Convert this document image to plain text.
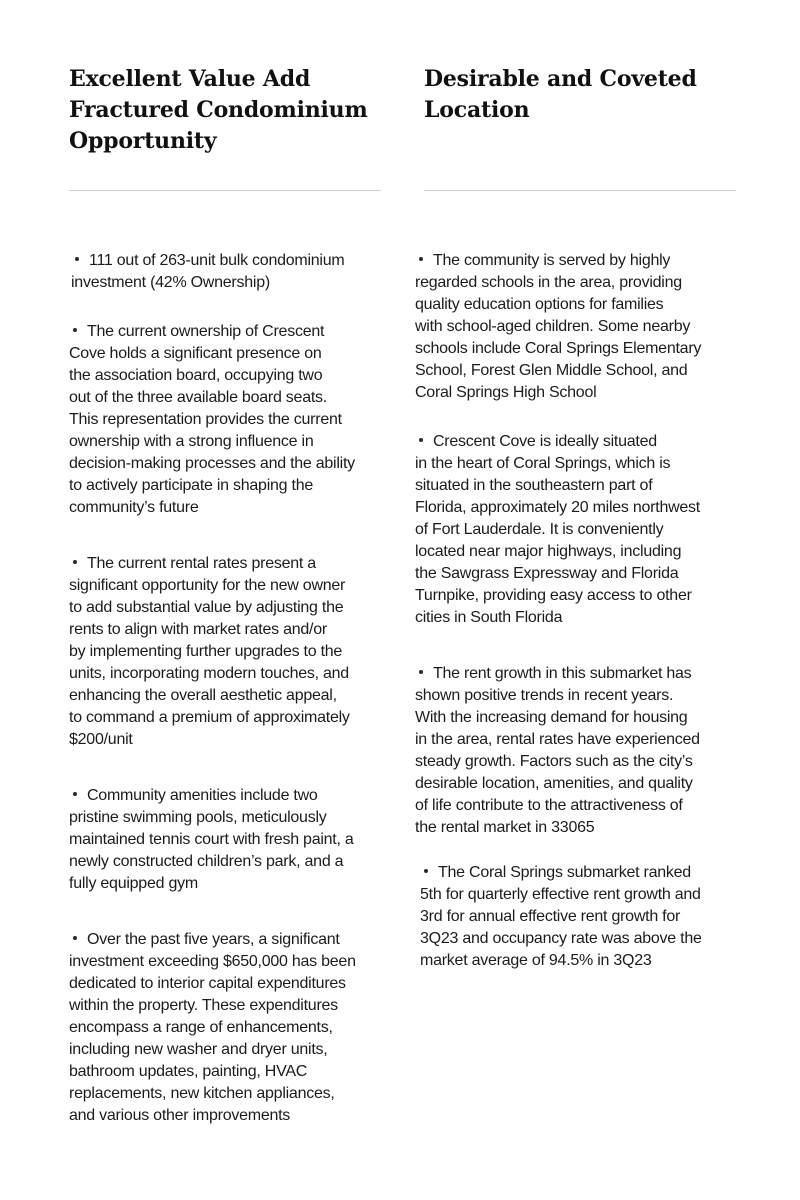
Excellent Value Add
Fractured Condominium
Opportunity
111 out of 263-unit bulk condominium
investment (42% Ownership)
The current ownership of Crescent
Cove holds a significant presence on
the association board, occupying two
out of the three available board seats.
This representation provides the current
ownership with a strong influence in
decision-making processes and the ability
to actively participate in shaping the
community’s future
The current rental rates present a
significant opportunity for the new owner
to add substantial value by adjusting the
rents to align with market rates and/or
by implementing further upgrades to the
units, incorporating modern touches, and
enhancing the overall aesthetic appeal,
to command a premium of approximately
$200/unit
Community amenities include two
pristine swimming pools, meticulously
maintained tennis court with fresh paint, a
newly constructed children’s park, and a
fully equipped gym
Over the past five years, a significant
investment exceeding $650,000 has been
dedicated to interior capital expenditures
within the property. These expenditures
encompass a range of enhancements,
including new washer and dryer units,
bathroom updates, painting, HVAC
replacements, new kitchen appliances,
and various other improvements
Desirable and Coveted
Location
The community is served by highly
regarded schools in the area, providing
quality education options for families
with school-aged children. Some nearby
schools include Coral Springs Elementary
School, Forest Glen Middle School, and
Coral Springs High School
Crescent Cove is ideally situated
in the heart of Coral Springs, which is
situated in the southeastern part of
Florida, approximately 20 miles northwest
of Fort Lauderdale. It is conveniently
located near major highways, including
the Sawgrass Expressway and Florida
Turnpike, providing easy access to other
cities in South Florida
The rent growth in this submarket has
shown positive trends in recent years.
With the increasing demand for housing
in the area, rental rates have experienced
steady growth. Factors such as the city’s
desirable location, amenities, and quality
of life contribute to the attractiveness of
the rental market in 33065
The Coral Springs submarket ranked
5th for quarterly effective rent growth and
3rd for annual effective rent growth for
3Q23 and occupancy rate was above the
market average of 94.5% in 3Q23
